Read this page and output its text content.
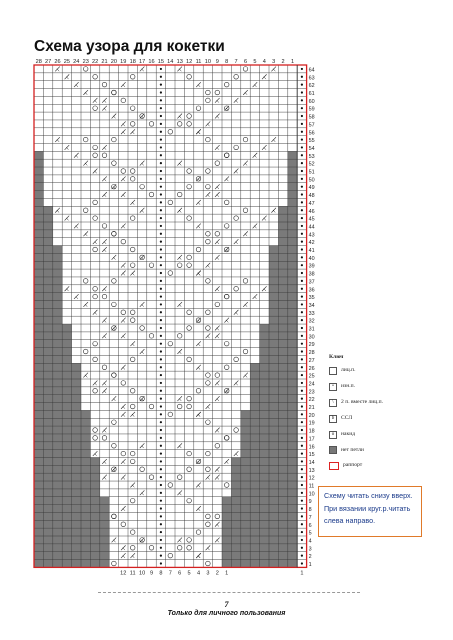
Схема узора для кокетки
28 27 26 25 24 23 22 21 20 19 18 17 16 15 14 13 12 11 10 9 8 7 6 5 4 3 2 1
12 11 10 9 8 7 6 5 4 3 2 1	1
64
63
62
61
60
59
58
57
56
55
54
53
52
51
50
49
48
47
46
45
44
43
42
41
40
39
38
37
36
35
34
33
32
31
30
29
28
27
26
25
24
23
22
21
20
19
18
17
16
15
14
13
12
11
10
9
8
7
6
5
4
3
2
1
Ключ
лиц.п.
•	изн.п.
\	2 п. вместе лиц.п.
b	ССЛ
o	накид
нет петли
раппорт
Схему читать снизу вверх.
При вязании круг.р.читать
слева направо.
7
Только для личного пользования
